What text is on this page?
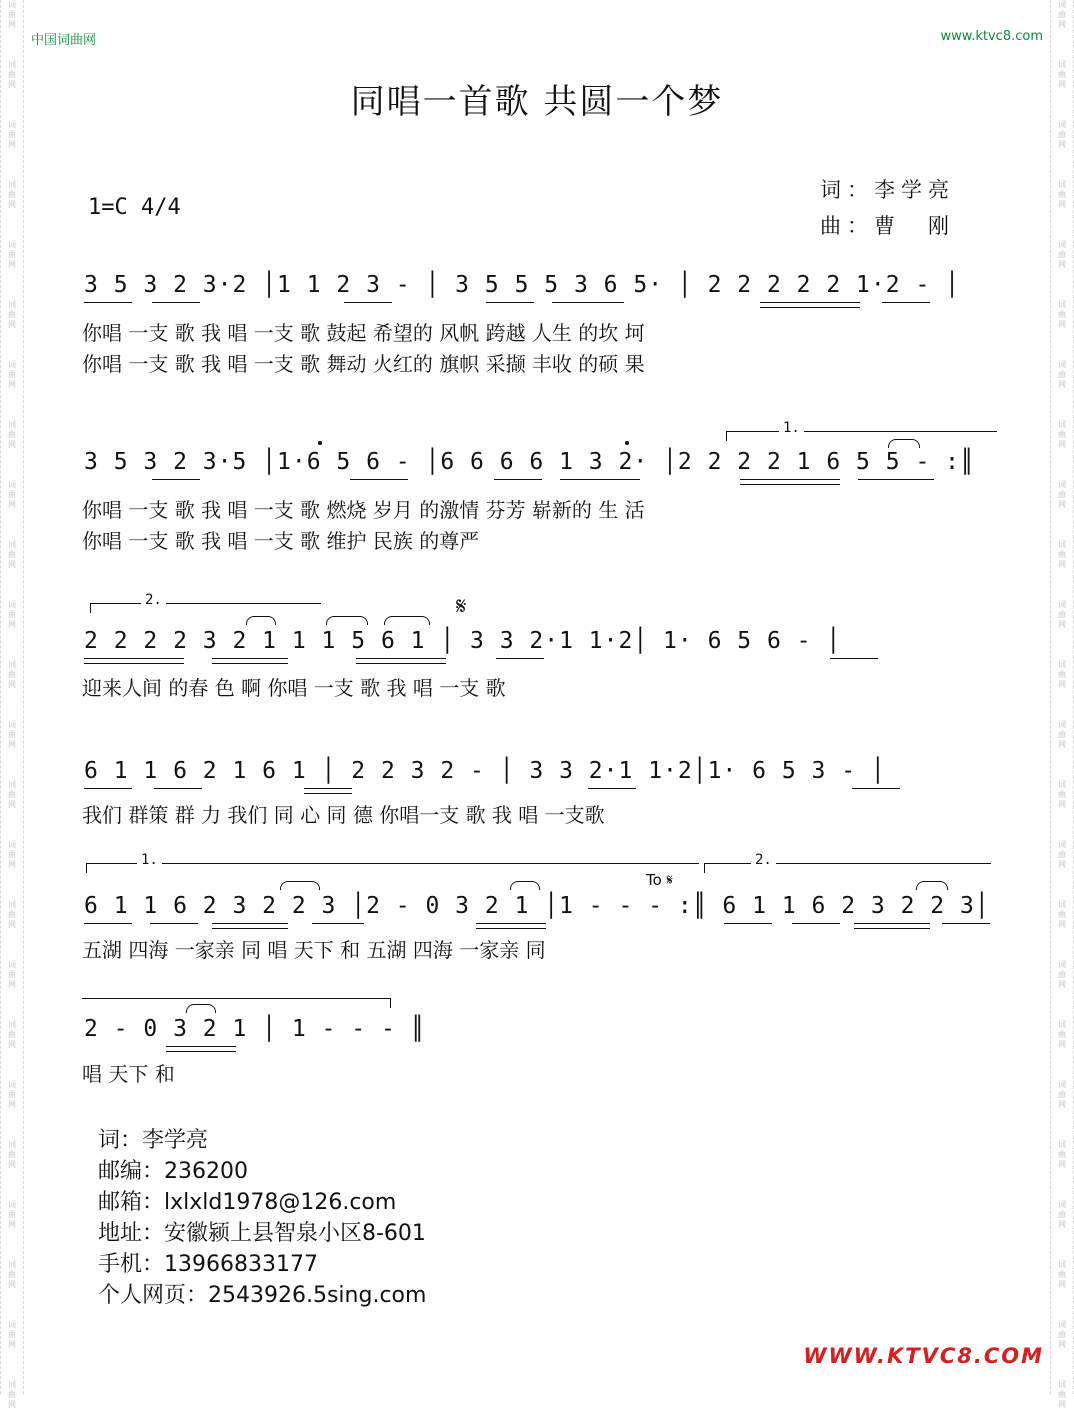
词
曲
网
词
曲
网
词
曲
网
词
曲
网
词
曲
网
词
曲
网
词
曲
网
词
曲
网
词
曲
网
词
曲
网
词
曲
网
词
曲
网
词
曲
网
词
曲
网
词
曲
网
词
曲
网
词
曲
网
词
曲
网
词
曲
网
词
曲
网
词
曲
网
词
曲
网
词
曲
网
词
曲
网
词
曲
网
词
曲
网
词
曲
网
词
曲
网
词
曲
网
词
曲
网
词
曲
网
词
曲
网
词
曲
网
词
曲
网
词
曲
网
词
曲
网
词
曲
网
词
曲
网
词
曲
网
词
曲
网
词
曲
网
词
曲
网
词
曲
网
词
曲
网
词
曲
网
词
曲
网
词
曲
网
词
曲
网
中国词曲网	www.ktvc8.com
同唱一首歌 共圆一个梦
1=C 4/4
词：李学亮
曲：曹　刚
3 5 3 2 3·2 │1 1 2 3 - │ 3 5 5 5 3 6 5· │ 2 2 2 2 2 1·2 - │
你唱 一支 歌 我 唱 一支 歌 鼓起 希望的 风帆 跨越 人生 的坎 坷
你唱 一支 歌 我 唱 一支 歌 舞动 火红的 旗帜 采撷 丰收 的硕 果
1.
3 5 3 2 3·5 │1·6 5 6 - │6 6 6 6 1 3 2· │2 2 2 2 1 6 5 5 - :║
你唱 一支 歌 我 唱 一支 歌 燃烧 岁月 的激情 芬芳 崭新的 生 活
你唱 一支 歌 我 唱 一支 歌 维护 民族 的尊严
2.	𝄋
2 2 2 2 3 2 1 1 1 5 6 1 │ 3 3 2·1 1·2│ 1· 6 5 6 - │
迎来人间 的春 色 啊 你唱 一支 歌 我 唱 一支 歌
6 1 1 6 2 1 6 1 │ 2 2 3 2 - │ 3 3 2·1 1·2│1· 6 5 3 - │
我们 群策 群 力 我们 同 心 同 德 你唱一支 歌 我 唱 一支歌
1.	2.
To 𝄋
6 1 1 6 2 3 2 2 3 │2 - 0 3 2 1 │1 - - - :║ 6 1 1 6 2 3 2 2 3│
五湖 四海 一家亲 同 唱 天下 和 五湖 四海 一家亲 同
2 - 0 3 2 1 │ 1 - - - ║
唱 天下 和
词：李学亮
邮编：236200
邮箱：lxlxld1978@126.com
地址：安徽颍上县智泉小区8-601
手机：13966833177
个人网页：2543926.5sing.com
WWW.KTVC8.COM
